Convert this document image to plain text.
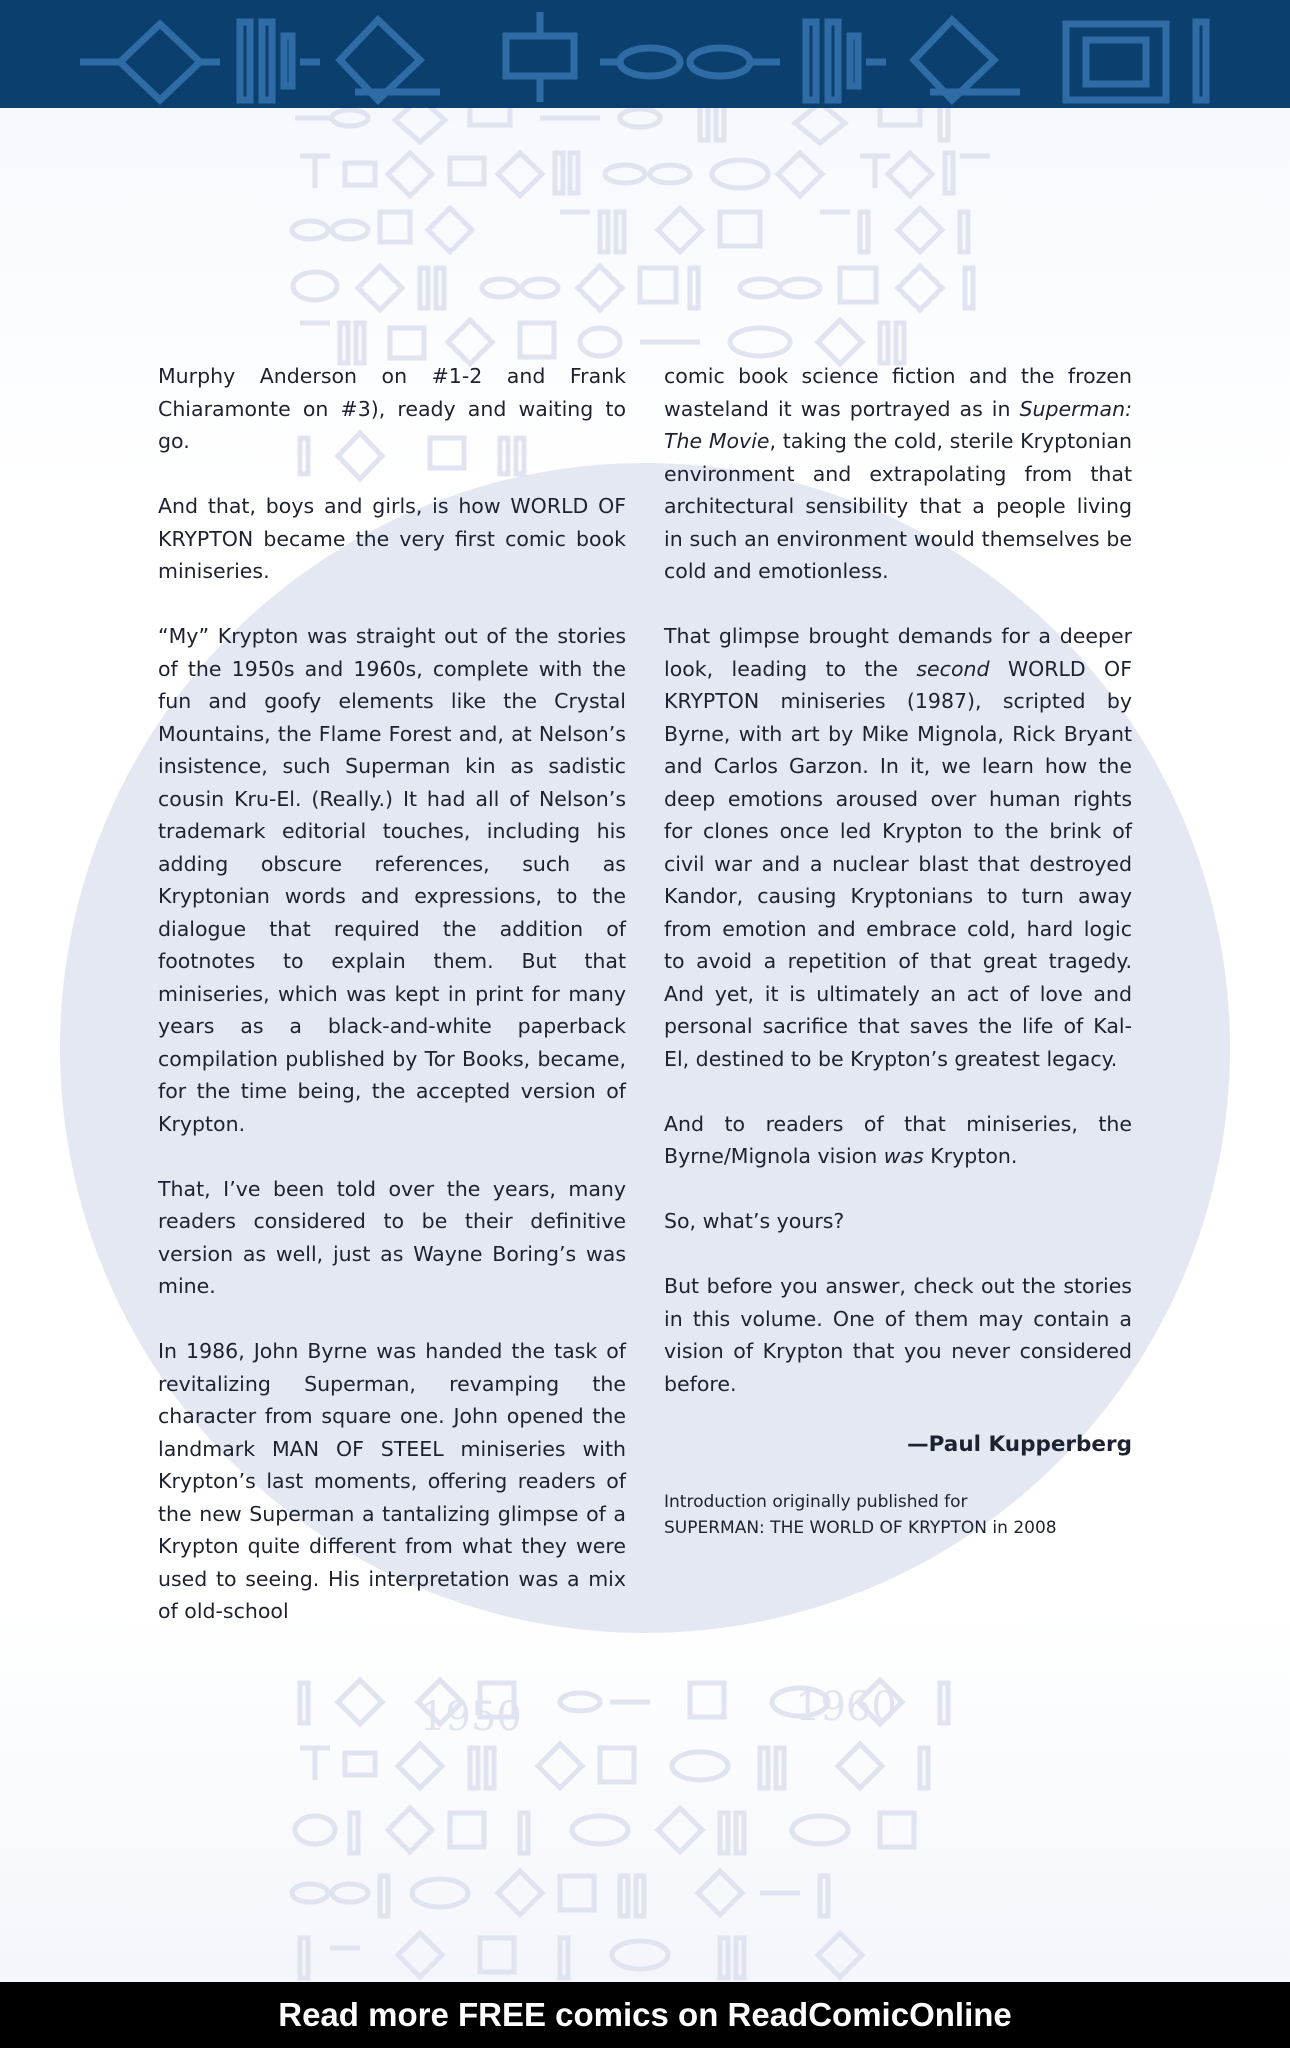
1950	1960

Murphy Anderson on #1-2 and Frank Chiaramonte on #3), ready and waiting to go.

And that, boys and girls, is how WORLD OF KRYPTON became the very first comic book miniseries.

“My” Krypton was straight out of the stories of the 1950s and 1960s, complete with the fun and goofy elements like the Crystal Mountains, the Flame Forest and, at Nelson’s insistence, such Superman kin as sadistic cousin Kru-El. (Really.) It had all of Nelson’s trademark editorial touches, including his adding obscure references, such as Kryptonian words and expressions, to the dialogue that required the addition of footnotes to explain them. But that miniseries, which was kept in print for many years as a black-and-white paperback compilation published by Tor Books, became, for the time being, the accepted version of Krypton.

That, I’ve been told over the years, many readers considered to be their definitive version as well, just as Wayne Boring’s was mine.

In 1986, John Byrne was handed the task of revitalizing Superman, revamping the character from square one. John opened the landmark MAN OF STEEL miniseries with Krypton’s last moments, offering readers of the new Superman a tantalizing glimpse of a Krypton quite different from what they were used to seeing. His interpretation was a mix of old-school

comic book science fiction and the frozen wasteland it was portrayed as in Superman: The Movie, taking the cold, sterile Kryptonian environment and extrapolating from that architectural sensibility that a people living in such an environment would themselves be cold and emotionless.

That glimpse brought demands for a deeper look, leading to the second WORLD OF KRYPTON miniseries (1987), scripted by Byrne, with art by Mike Mignola, Rick Bryant and Carlos Garzon. In it, we learn how the deep emotions aroused over human rights for clones once led Krypton to the brink of civil war and a nuclear blast that destroyed Kandor, causing Kryptonians to turn away from emotion and embrace cold, hard logic to avoid a repetition of that great tragedy. And yet, it is ultimately an act of love and personal sacrifice that saves the life of Kal-El, destined to be Krypton’s greatest legacy.

And to readers of that miniseries, the Byrne/Mignola vision was Krypton.

So, what’s yours?

But before you answer, check out the stories in this volume. One of them may contain a vision of Krypton that you never considered before.

—Paul Kupperberg

Introduction originally published for
SUPERMAN: THE WORLD OF KRYPTON in 2008
Read more FREE comics on ReadComicOnline
